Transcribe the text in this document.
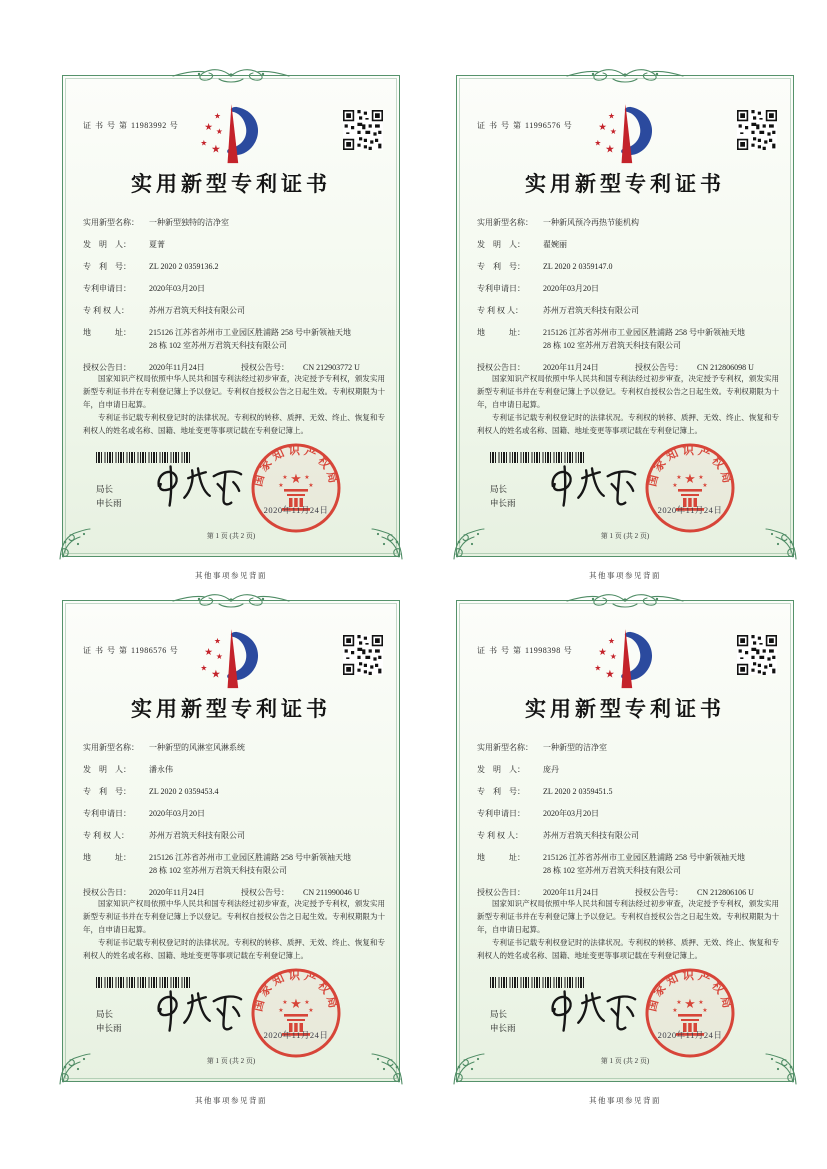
证 书 号 第 11983992 号
★
★ ★
★ ★
实用新型专利证书
实用新型名称：	一种新型独特的洁净室
发　明　人：	夏菁
专　利　号：	ZL 2020 2 0359136.2
专利申请日：	2020年03月20日
专 利 权 人：	苏州万君筑天科技有限公司
地　　　址：	215126 江苏省苏州市工业园区胜浦路 258 号中新领袖天地
28 栋 102 室苏州万君筑天科技有限公司
授权公告日：	2020年11月24日	授权公告号：	CN 212903772 U

国家知识产权局依照中华人民共和国专利法经过初步审查，决定授予专利权，颁发实用新型专利证书并在专利登记簿上予以登记。专利权自授权公告之日起生效。专利权期限为十年，自申请日起算。

专利证书记载专利权登记时的法律状况。专利权的转移、质押、无效、终止、恢复和专利权人的姓名或名称、国籍、地址变更等事项记载在专利登记簿上。

局长
申长雨
国家知识产权局
★
★	★
★	★
2020年11月24日
第 1 页 (共 2 页)
其他事项参见背面
证 书 号 第 11996576 号
★
★ ★
★ ★
实用新型专利证书
实用新型名称：	一种新风预冷再热节能机构
发　明　人：	翟婉丽
专　利　号：	ZL 2020 2 0359147.0
专利申请日：	2020年03月20日
专 利 权 人：	苏州万君筑天科技有限公司
地　　　址：	215126 江苏省苏州市工业园区胜浦路 258 号中新领袖天地
28 栋 102 室苏州万君筑天科技有限公司
授权公告日：	2020年11月24日	授权公告号：	CN 212806098 U

国家知识产权局依照中华人民共和国专利法经过初步审查，决定授予专利权，颁发实用新型专利证书并在专利登记簿上予以登记。专利权自授权公告之日起生效。专利权期限为十年，自申请日起算。

专利证书记载专利权登记时的法律状况。专利权的转移、质押、无效、终止、恢复和专利权人的姓名或名称、国籍、地址变更等事项记载在专利登记簿上。

局长
申长雨
国家知识产权局
★
★	★
★	★
2020年11月24日
第 1 页 (共 2 页)
其他事项参见背面
证 书 号 第 11986576 号
★
★ ★
★ ★
实用新型专利证书
实用新型名称：	一种新型的风淋室风淋系统
发　明　人：	潘永伟
专　利　号：	ZL 2020 2 0359453.4
专利申请日：	2020年03月20日
专 利 权 人：	苏州万君筑天科技有限公司
地　　　址：	215126 江苏省苏州市工业园区胜浦路 258 号中新领袖天地
28 栋 102 室苏州万君筑天科技有限公司
授权公告日：	2020年11月24日	授权公告号：	CN 211990046 U

国家知识产权局依照中华人民共和国专利法经过初步审查，决定授予专利权，颁发实用新型专利证书并在专利登记簿上予以登记。专利权自授权公告之日起生效。专利权期限为十年，自申请日起算。

专利证书记载专利权登记时的法律状况。专利权的转移、质押、无效、终止、恢复和专利权人的姓名或名称、国籍、地址变更等事项记载在专利登记簿上。

局长
申长雨
国家知识产权局
★
★	★
★	★
2020年11月24日
第 1 页 (共 2 页)
其他事项参见背面
证 书 号 第 11998398 号
★
★ ★
★ ★
实用新型专利证书
实用新型名称：	一种新型的洁净室
发　明　人：	庞丹
专　利　号：	ZL 2020 2 0359451.5
专利申请日：	2020年03月20日
专 利 权 人：	苏州万君筑天科技有限公司
地　　　址：	215126 江苏省苏州市工业园区胜浦路 258 号中新领袖天地
28 栋 102 室苏州万君筑天科技有限公司
授权公告日：	2020年11月24日	授权公告号：	CN 212806106 U

国家知识产权局依照中华人民共和国专利法经过初步审查，决定授予专利权，颁发实用新型专利证书并在专利登记簿上予以登记。专利权自授权公告之日起生效。专利权期限为十年，自申请日起算。

专利证书记载专利权登记时的法律状况。专利权的转移、质押、无效、终止、恢复和专利权人的姓名或名称、国籍、地址变更等事项记载在专利登记簿上。

局长
申长雨
国家知识产权局
★
★	★
★	★
2020年11月24日
第 1 页 (共 2 页)
其他事项参见背面
